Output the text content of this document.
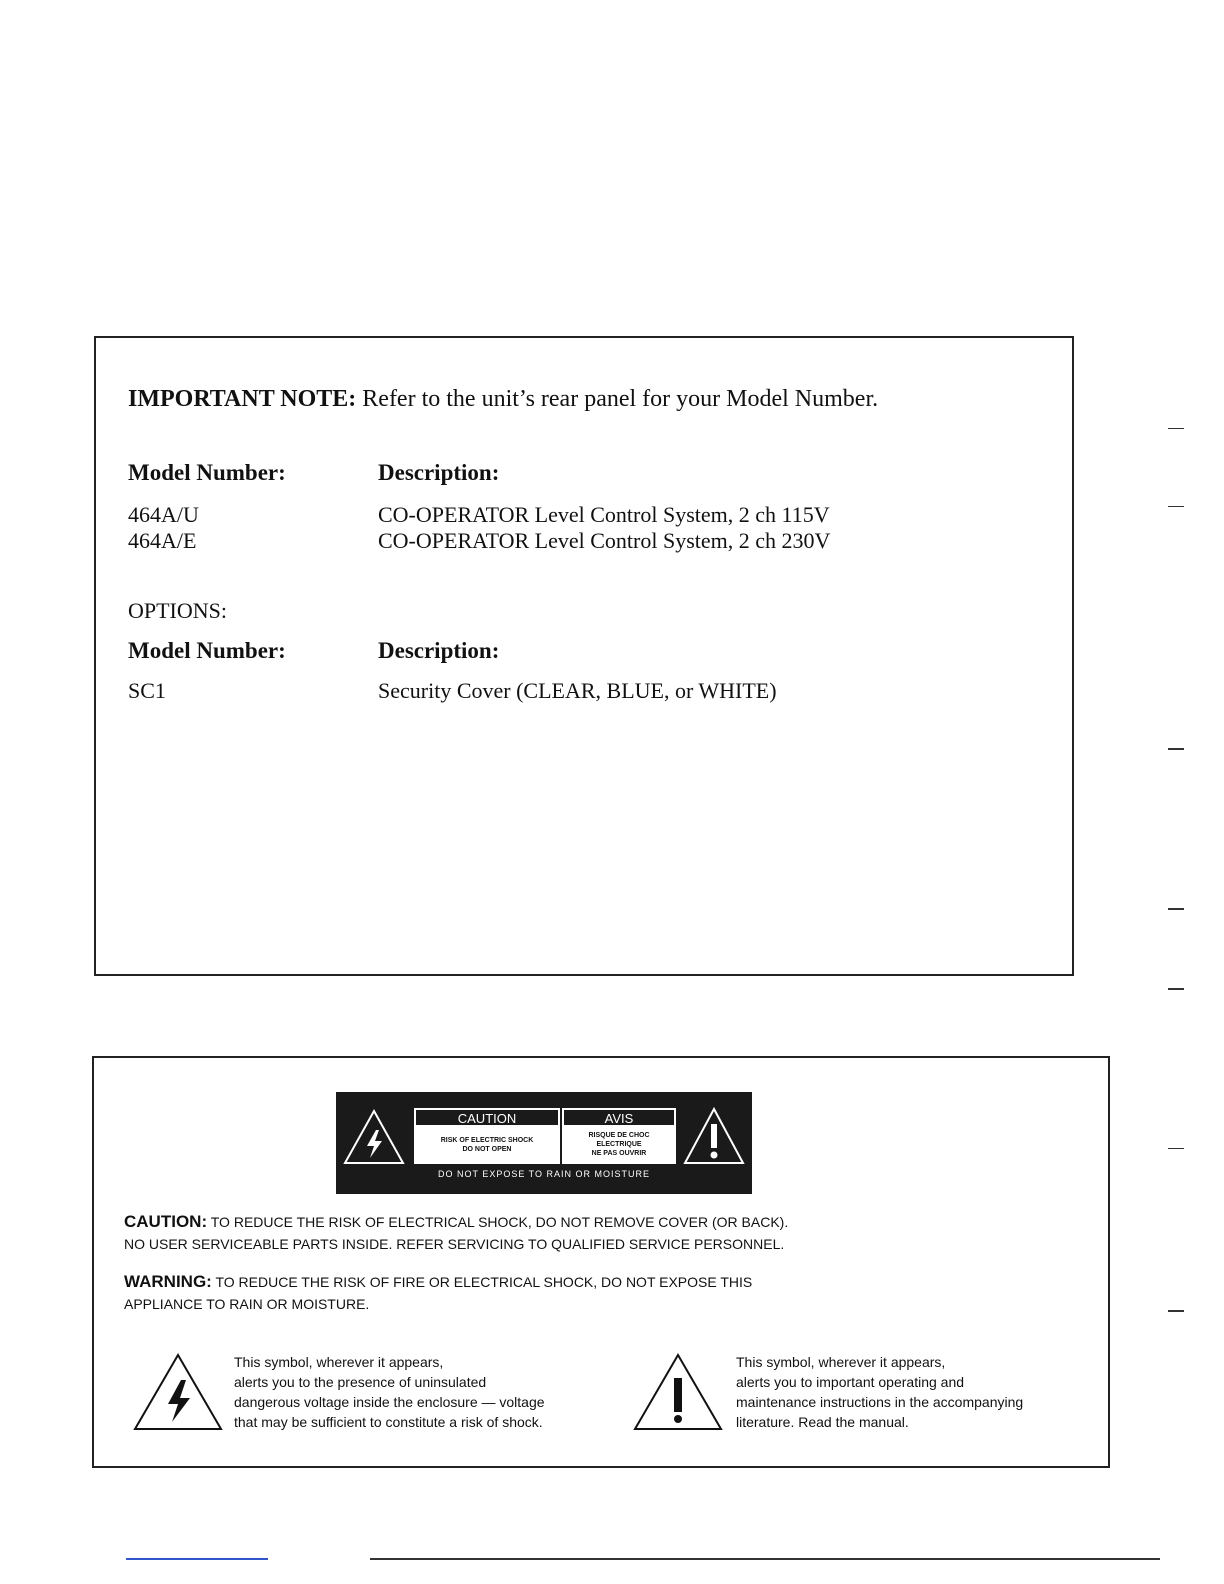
IMPORTANT NOTE: Refer to the unit’s rear panel for your Model Number.
Model Number:	Description:
464A/U	CO-OPERATOR Level Control System, 2 ch 115V
464A/E	CO-OPERATOR Level Control System, 2 ch 230V
OPTIONS:
Model Number:	Description:
SC1	Security Cover (CLEAR, BLUE, or WHITE)
CAUTION
RISK OF ELECTRIC SHOCK
DO NOT OPEN
AVIS
RISQUE DE CHOC
ELECTRIQUE
NE PAS OUVRIR
DO NOT EXPOSE TO RAIN OR MOISTURE
CAUTION: TO REDUCE THE RISK OF ELECTRICAL SHOCK, DO NOT REMOVE COVER (OR BACK).
NO USER SERVICEABLE PARTS INSIDE. REFER SERVICING TO QUALIFIED SERVICE PERSONNEL.
WARNING: TO REDUCE THE RISK OF FIRE OR ELECTRICAL SHOCK, DO NOT EXPOSE THIS
APPLIANCE TO RAIN OR MOISTURE.
This symbol, wherever it appears,
alerts you to the presence of uninsulated
dangerous voltage inside the enclosure — voltage
that may be sufficient to constitute a risk of shock.
This symbol, wherever it appears,
alerts you to important operating and
maintenance instructions in the accompanying
literature. Read the manual.
